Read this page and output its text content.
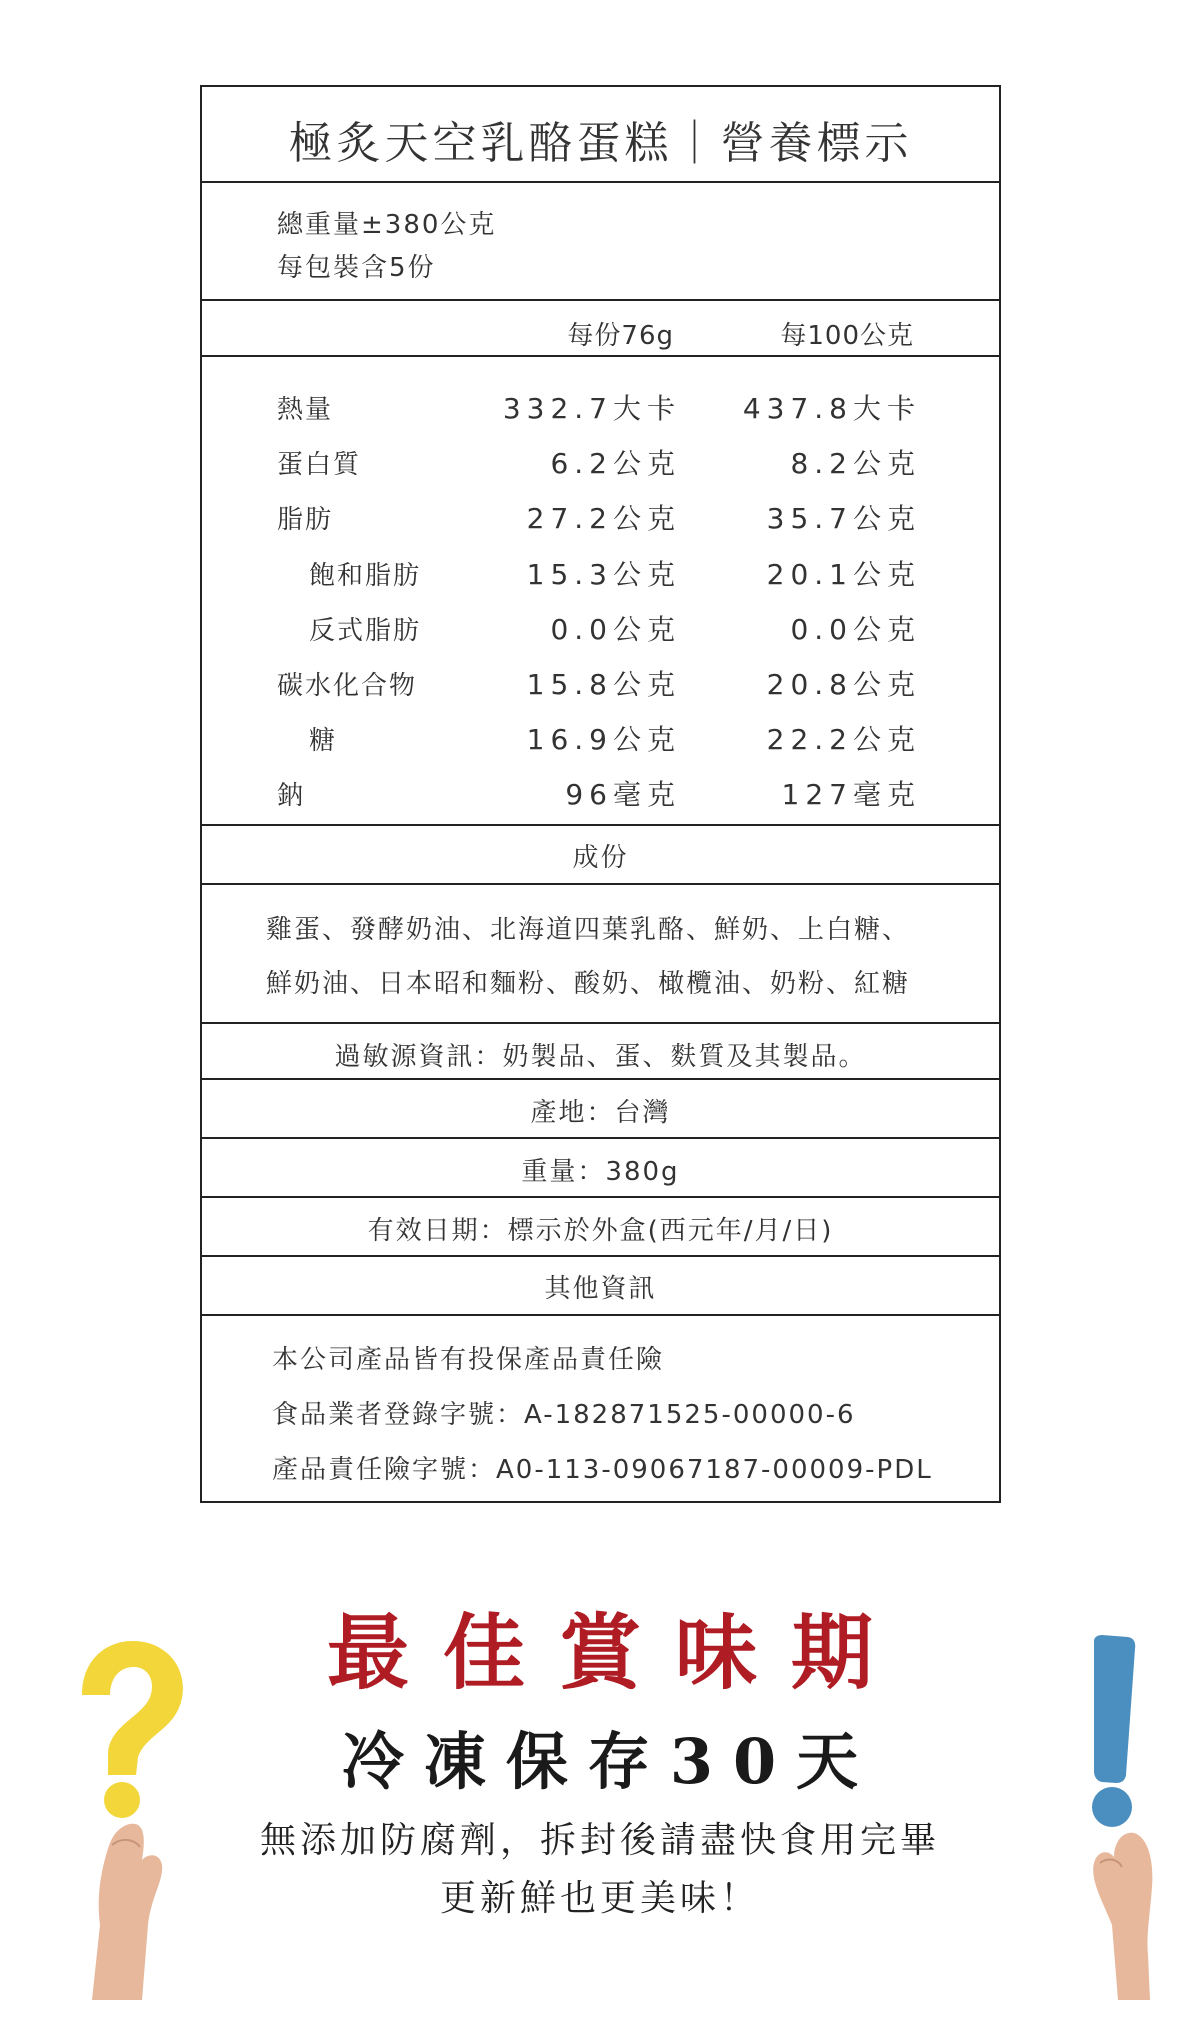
極炙天空乳酪蛋糕｜營養標示
總重量±380公克
每包裝含5份
每份76g	每100公克
熱量	332.7大卡	437.8大卡
蛋白質	6.2公克	8.2公克
脂肪	27.2公克	35.7公克
飽和脂肪	15.3公克	20.1公克
反式脂肪	0.0公克	0.0公克
碳水化合物	15.8公克	20.8公克
糖	16.9公克	22.2公克
鈉	96毫克	127毫克
成份
雞蛋、發酵奶油、北海道四葉乳酪、鮮奶、上白糖、
鮮奶油、日本昭和麵粉、酸奶、橄欖油、奶粉、紅糖
過敏源資訊：奶製品、蛋、麩質及其製品。
產地：台灣
重量：380g
有效日期：標示於外盒(西元年/月/日)
其他資訊
本公司產品皆有投保產品責任險
食品業者登錄字號：A-182871525-00000-6
產品責任險字號：A0-113-09067187-00009-PDL
最佳賞味期
冷凍保存30天
無添加防腐劑，拆封後請盡快食用完畢
更新鮮也更美味！
